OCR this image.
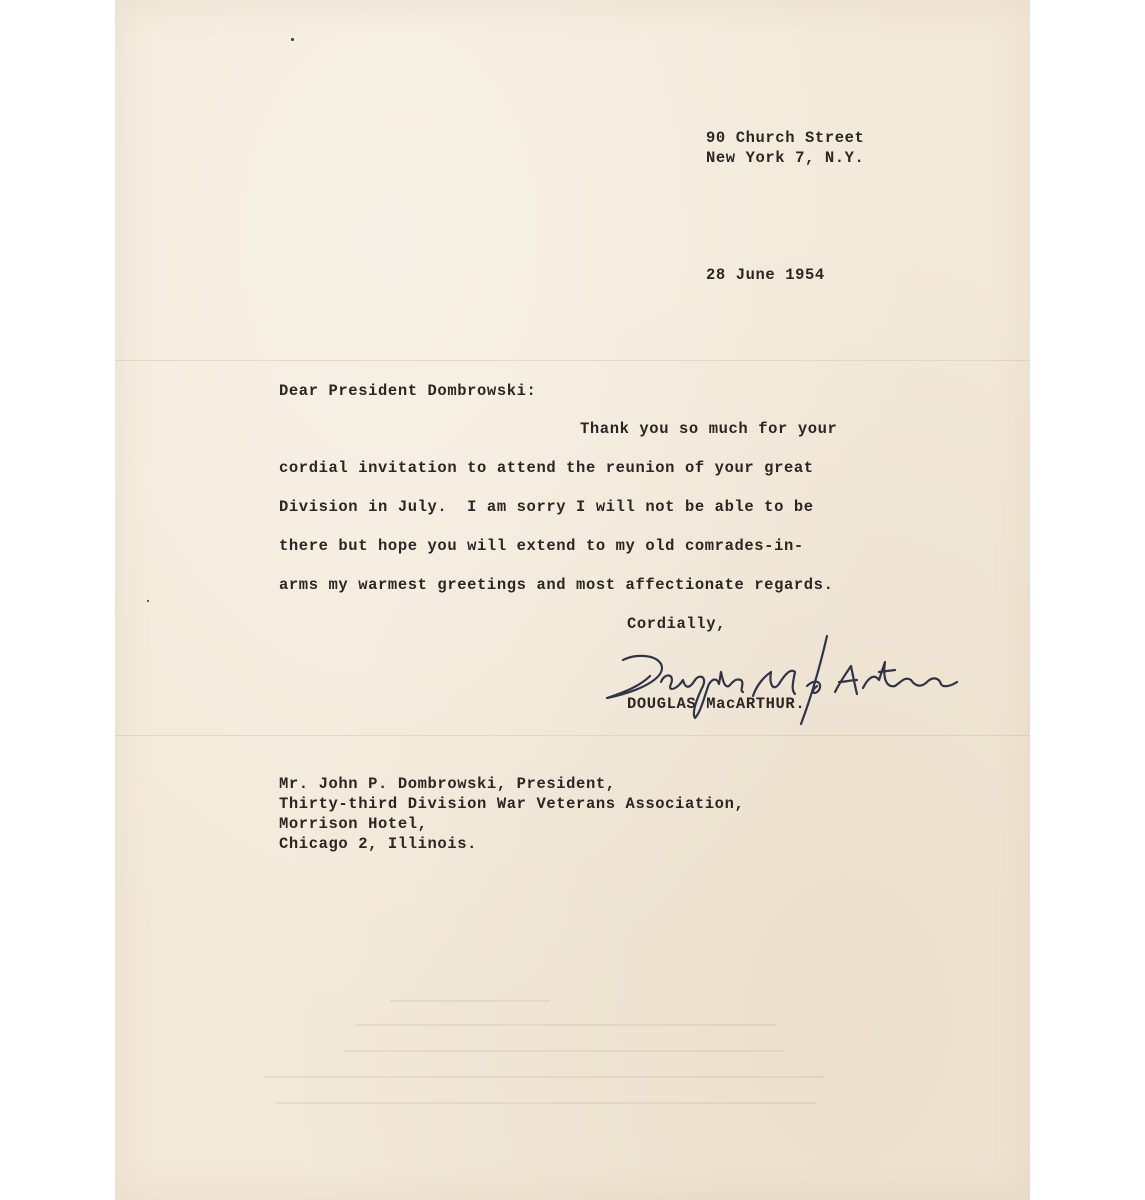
90 Church Street
New York 7, N.Y.
28 June 1954
Dear President Dombrowski:
Thank you so much for your
cordial invitation to attend the reunion of your great
Division in July.  I am sorry I will not be able to be
there but hope you will extend to my old comrades-in-
arms my warmest greetings and most affectionate regards.
Cordially,
DOUGLAS MacARTHUR.
Mr. John P. Dombrowski, President,
Thirty-third Division War Veterans Association,
Morrison Hotel,
Chicago 2, Illinois.
